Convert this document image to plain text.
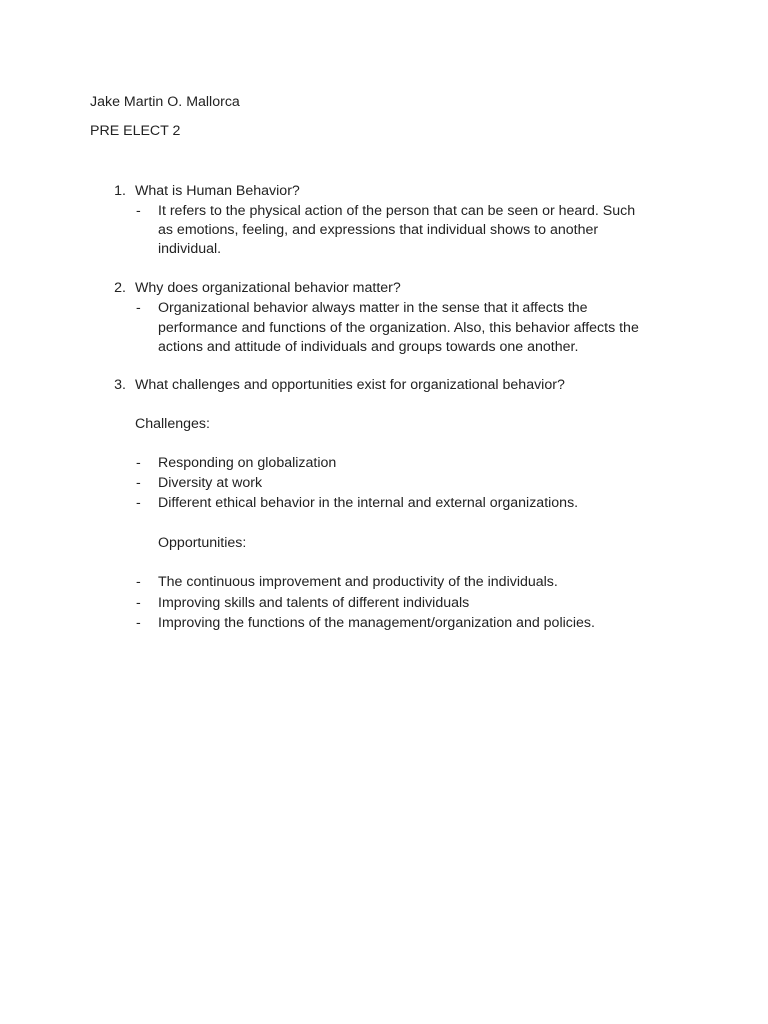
Jake Martin O. Mallorca
PRE ELECT 2
1. What is Human Behavior?
-	It refers to the physical action of the person that can be seen or heard. Such
as emotions, feeling, and expressions that individual shows to another
individual.
2. Why does organizational behavior matter?
-	Organizational behavior always matter in the sense that it affects the
performance and functions of the organization. Also, this behavior affects the
actions and attitude of individuals and groups towards one another.
3. What challenges and opportunities exist for organizational behavior?
Challenges:
-	Responding on globalization
-	Diversity at work
-	Different ethical behavior in the internal and external organizations.
Opportunities:
-	The continuous improvement and productivity of the individuals.
-	Improving skills and talents of different individuals
-	Improving the functions of the management/organization and policies.
